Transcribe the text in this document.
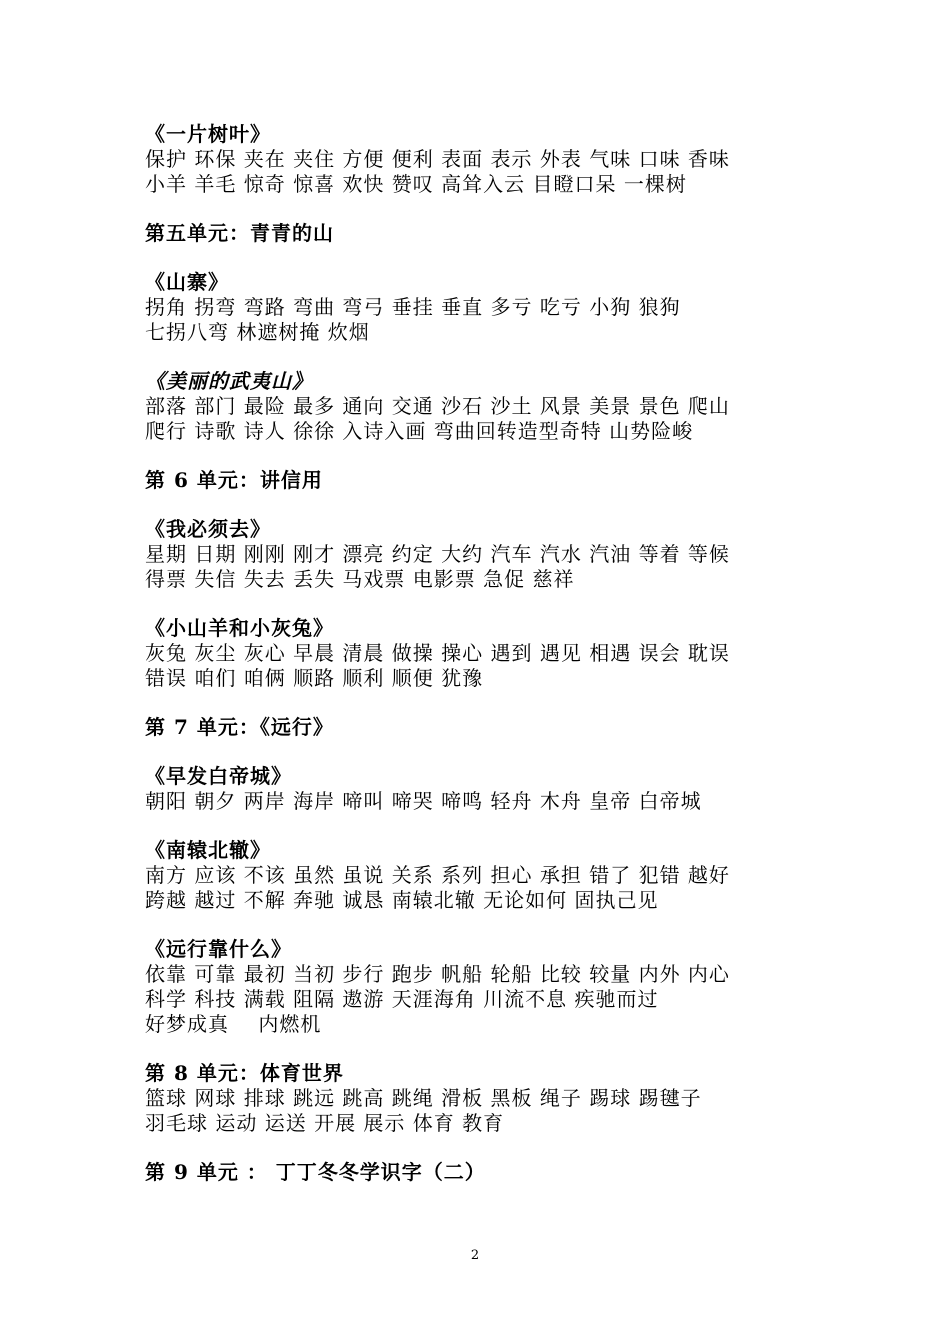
《一片树叶》
保护 环保 夹在 夹住 方便 便利 表面 表示 外表 气味 口味 香味
小羊 羊毛 惊奇 惊喜 欢快 赞叹 高耸入云 目瞪口呆 一棵树
第五单元：青青的山
《山寨》
拐角 拐弯 弯路 弯曲 弯弓 垂挂 垂直 多亏 吃亏 小狗 狼狗
七拐八弯 林遮树掩 炊烟
《美丽的武夷山》
部落 部门 最险 最多 通向 交通 沙石 沙土 风景 美景 景色 爬山
爬行 诗歌 诗人 徐徐 入诗入画 弯曲回转造型奇特 山势险峻
第 6 单元：讲信用
《我必须去》
星期 日期 刚刚 刚才 漂亮 约定 大约 汽车 汽水 汽油 等着 等候
得票 失信 失去 丢失 马戏票 电影票 急促 慈祥
《小山羊和小灰兔》
灰兔 灰尘 灰心 早晨 清晨 做操 操心 遇到 遇见 相遇 误会 耽误
错误 咱们 咱俩 顺路 顺利 顺便 犹豫
第 7 单元：《远行》
《早发白帝城》
朝阳 朝夕 两岸 海岸 啼叫 啼哭 啼鸣 轻舟 木舟 皇帝 白帝城
《南辕北辙》
南方 应该 不该 虽然 虽说 关系 系列 担心 承担 错了 犯错 越好
跨越 越过 不解 奔驰 诚恳 南辕北辙 无论如何 固执己见
《远行靠什么》
依靠 可靠 最初 当初 步行 跑步 帆船 轮船 比较 较量 内外 内心
科学 科技 满载 阻隔 遨游 天涯海角 川流不息 疾驰而过
好梦成真    内燃机
第 8 单元：体育世界
篮球 网球 排球 跳远 跳高 跳绳 滑板 黑板 绳子 踢球 踢毽子
羽毛球 运动 运送 开展 展示 体育 教育
第 9 单元 ： 丁丁冬冬学识字（二）
2
